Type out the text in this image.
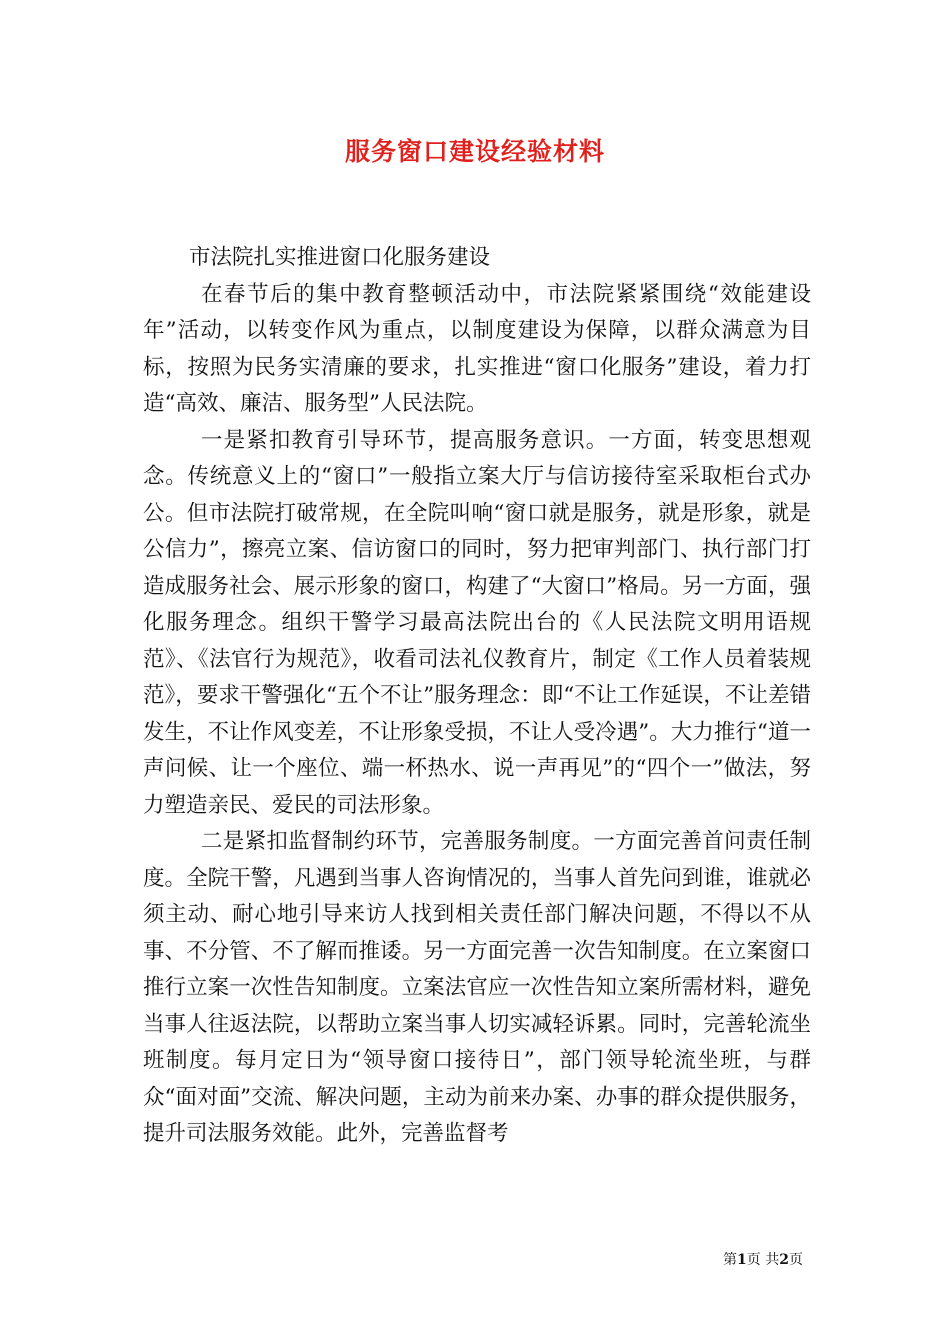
服务窗口建设经验材料

市法院扎实推进窗口化服务建设

在春节后的集中教育整顿活动中，市法院紧紧围绕“效能建设年”活动，以转变作风为重点，以制度建设为保障，以群众满意为目标，按照为民务实清廉的要求，扎实推进“窗口化服务”建设，着力打造“高效、廉洁、服务型”人民法院。

一是紧扣教育引导环节，提高服务意识。一方面，转变思想观念。传统意义上的“窗口”一般指立案大厅与信访接待室采取柜台式办公。但市法院打破常规，在全院叫响“窗口就是服务，就是形象，就是公信力”，擦亮立案、信访窗口的同时，努力把审判部门、执行部门打造成服务社会、展示形象的窗口，构建了“大窗口”格局。另一方面，强化服务理念。组织干警学习最高法院出台的《人民法院文明用语规范》、《法官行为规范》，收看司法礼仪教育片，制定《工作人员着装规范》，要求干警强化“五个不让”服务理念：即“不让工作延误，不让差错发生，不让作风变差，不让形象受损，不让人受冷遇”。大力推行“道一声问候、让一个座位、端一杯热水、说一声再见”的“四个一”做法，努力塑造亲民、爱民的司法形象。

二是紧扣监督制约环节，完善服务制度。一方面完善首问责任制度。全院干警，凡遇到当事人咨询情况的，当事人首先问到谁，谁就必须主动、耐心地引导来访人找到相关责任部门解决问题，不得以不从事、不分管、不了解而推诿。另一方面完善一次告知制度。在立案窗口推行立案一次性告知制度。立案法官应一次性告知立案所需材料，避免当事人往返法院，以帮助立案当事人切实减轻诉累。同时，完善轮流坐班制度。每月定日为“领导窗口接待日”，部门领导轮流坐班，与群众“面对面”交流、解决问题，主动为前来办案、办事的群众提供服务，提升司法服务效能。此外，完善监督考

第1页 共2页
